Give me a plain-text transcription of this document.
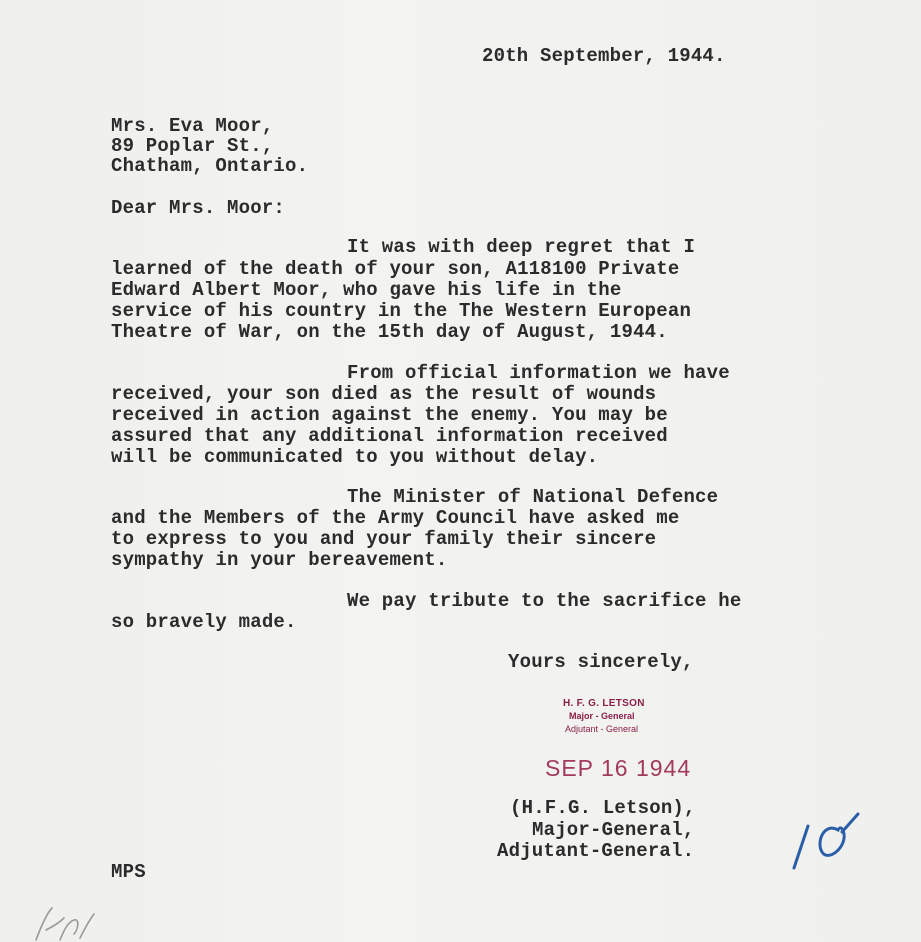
20th September, 1944.
Mrs. Eva Moor,
89 Poplar St.,
Chatham, Ontario.
Dear Mrs. Moor:
It was with deep regret that I
learned of the death of your son, A118100 Private
Edward Albert Moor, who gave his life in the
service of his country in the The Western European
Theatre of War, on the 15th day of August, 1944.
From official information we have
received, your son died as the result of wounds
received in action against the enemy. You may be
assured that any additional information received
will be communicated to you without delay.
The Minister of National Defence
and the Members of the Army Council have asked me
to express to you and your family their sincere
sympathy in your bereavement.
We pay tribute to the sacrifice he
so bravely made.
Yours sincerely,
H. F. G. LETSON
Major - General
Adjutant - General
SEP 16 1944
(H.F.G. Letson),
Major-General,
Adjutant-General.
MPS
